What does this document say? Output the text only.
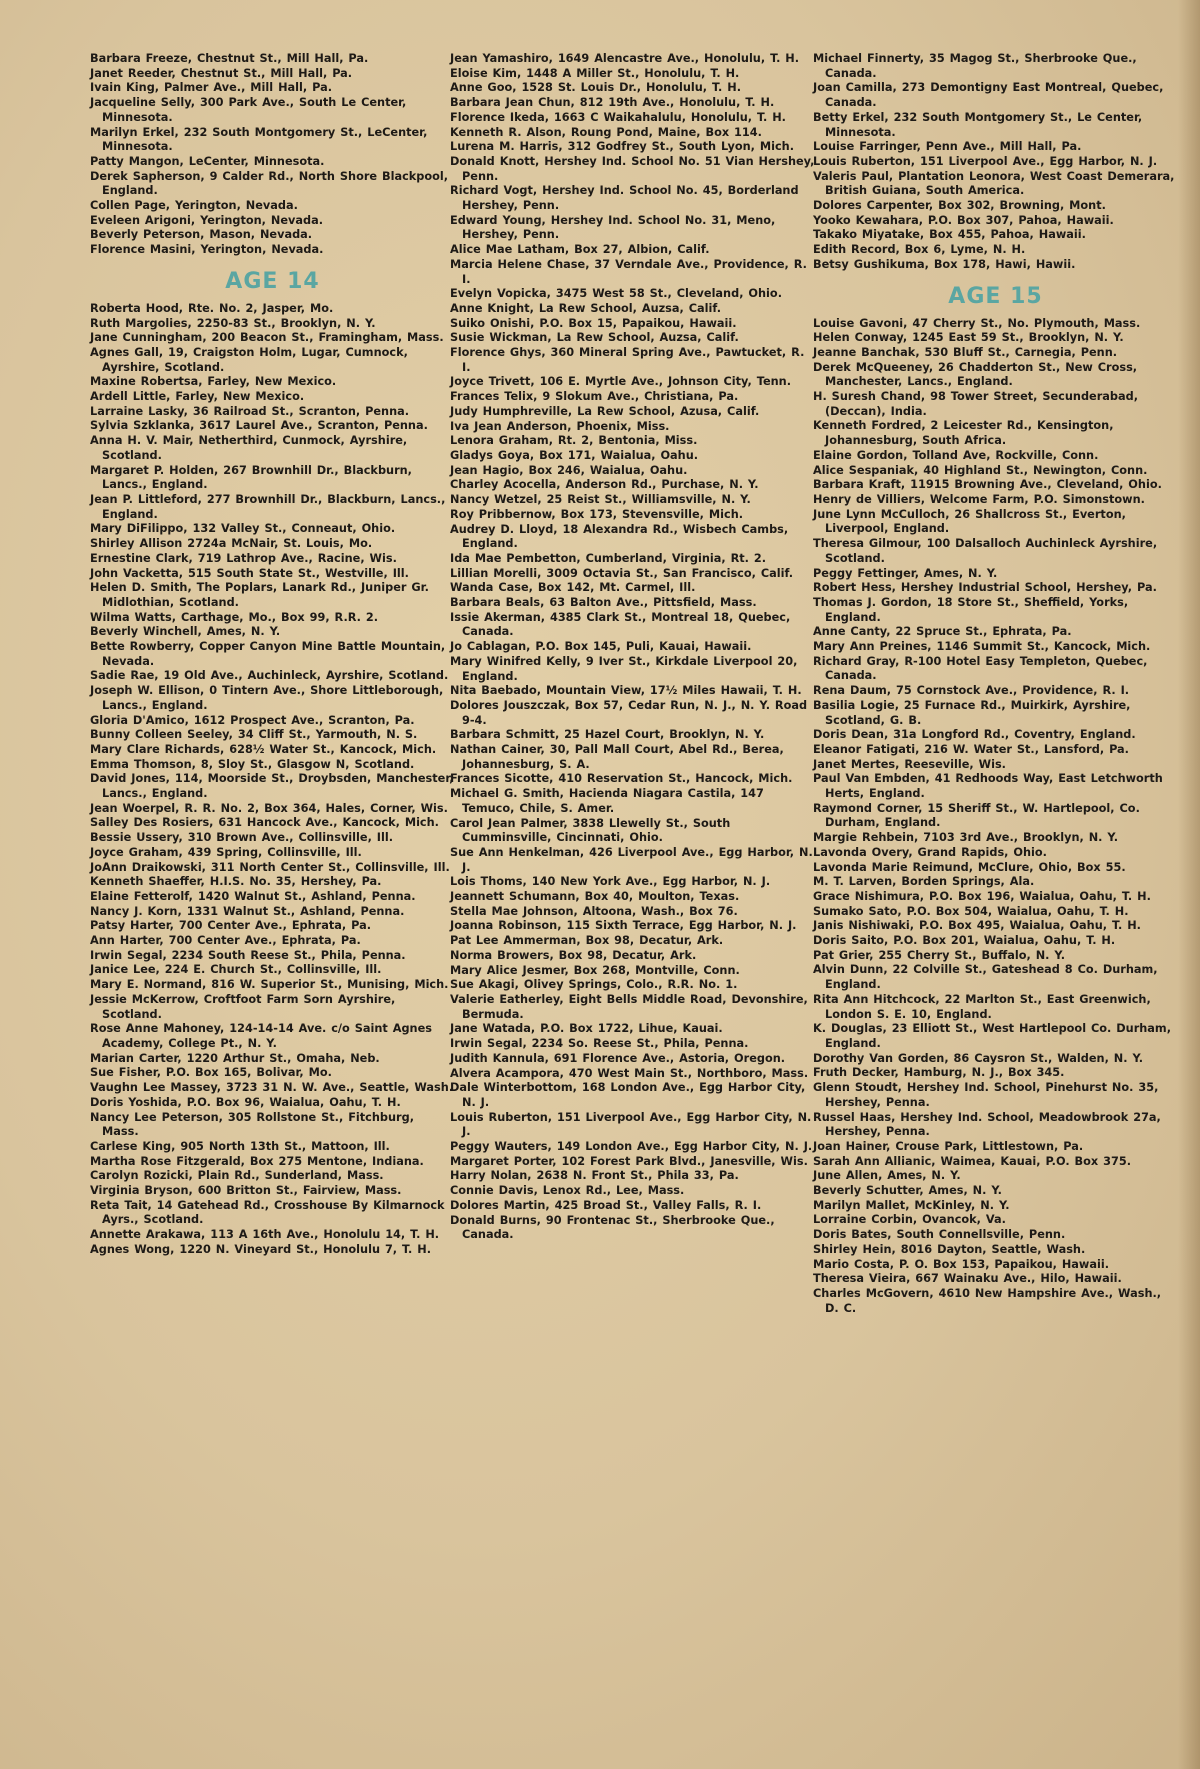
Barbara Freeze, Chestnut St., Mill Hall, Pa.
Janet Reeder, Chestnut St., Mill Hall, Pa.
Ivain King, Palmer Ave., Mill Hall, Pa.
Jacqueline Selly, 300 Park Ave., South Le Center, Minnesota.
Marilyn Erkel, 232 South Montgomery St., LeCenter, Minnesota.
Patty Mangon, LeCenter, Minnesota.
Derek Sapherson, 9 Calder Rd., North Shore Blackpool, England.
Collen Page, Yerington, Nevada.
Eveleen Arigoni, Yerington, Nevada.
Beverly Peterson, Mason, Nevada.
Florence Masini, Yerington, Nevada.
AGE 14
Roberta Hood, Rte. No. 2, Jasper, Mo.
Ruth Margolies, 2250-83 St., Brooklyn, N. Y.
Jane Cunningham, 200 Beacon St., Framingham, Mass.
Agnes Gall, 19, Craigston Holm, Lugar, Cumnock, Ayrshire, Scotland.
Maxine Robertsa, Farley, New Mexico.
Ardell Little, Farley, New Mexico.
Larraine Lasky, 36 Railroad St., Scranton, Penna.
Sylvia Szklanka, 3617 Laurel Ave., Scranton, Penna.
Anna H. V. Mair, Netherthird, Cunmock, Ayrshire, Scotland.
Margaret P. Holden, 267 Brownhill Dr., Blackburn, Lancs., England.
Jean P. Littleford, 277 Brownhill Dr., Blackburn, Lancs., England.
Mary DiFilippo, 132 Valley St., Conneaut, Ohio.
Shirley Allison 2724a McNair, St. Louis, Mo.
Ernestine Clark, 719 Lathrop Ave., Racine, Wis.
John Vacketta, 515 South State St., Westville, Ill.
Helen D. Smith, The Poplars, Lanark Rd., Juniper Gr. Midlothian, Scotland.
Wilma Watts, Carthage, Mo., Box 99, R.R. 2.
Beverly Winchell, Ames, N. Y.
Bette Rowberry, Copper Canyon Mine Battle Mountain, Nevada.
Sadie Rae, 19 Old Ave., Auchinleck, Ayrshire, Scotland.
Joseph W. Ellison, 0 Tintern Ave., Shore Littleborough, Lancs., England.
Gloria D'Amico, 1612 Prospect Ave., Scranton, Pa.
Bunny Colleen Seeley, 34 Cliff St., Yarmouth, N. S.
Mary Clare Richards, 628½ Water St., Kancock, Mich.
Emma Thomson, 8, Sloy St., Glasgow N, Scotland.
David Jones, 114, Moorside St., Droybsden, Manchester, Lancs., England.
Jean Woerpel, R. R. No. 2, Box 364, Hales, Corner, Wis.
Salley Des Rosiers, 631 Hancock Ave., Kancock, Mich.
Bessie Ussery, 310 Brown Ave., Collinsville, Ill.
Joyce Graham, 439 Spring, Collinsville, Ill.
JoAnn Draikowski, 311 North Center St., Collinsville, Ill.
Kenneth Shaeffer, H.I.S. No. 35, Hershey, Pa.
Elaine Fetterolf, 1420 Walnut St., Ashland, Penna.
Nancy J. Korn, 1331 Walnut St., Ashland, Penna.
Patsy Harter, 700 Center Ave., Ephrata, Pa.
Ann Harter, 700 Center Ave., Ephrata, Pa.
Irwin Segal, 2234 South Reese St., Phila, Penna.
Janice Lee, 224 E. Church St., Collinsville, Ill.
Mary E. Normand, 816 W. Superior St., Munising, Mich.
Jessie McKerrow, Croftfoot Farm Sorn Ayrshire, Scotland.
Rose Anne Mahoney, 124-14-14 Ave. c/o Saint Agnes Academy, College Pt., N. Y.
Marian Carter, 1220 Arthur St., Omaha, Neb.
Sue Fisher, P.O. Box 165, Bolivar, Mo.
Vaughn Lee Massey, 3723 31 N. W. Ave., Seattle, Wash.
Doris Yoshida, P.O. Box 96, Waialua, Oahu, T. H.
Nancy Lee Peterson, 305 Rollstone St., Fitchburg, Mass.
Carlese King, 905 North 13th St., Mattoon, Ill.
Martha Rose Fitzgerald, Box 275 Mentone, Indiana.
Carolyn Rozicki, Plain Rd., Sunderland, Mass.
Virginia Bryson, 600 Britton St., Fairview, Mass.
Reta Tait, 14 Gatehead Rd., Crosshouse By Kilmarnock Ayrs., Scotland.
Annette Arakawa, 113 A 16th Ave., Honolulu 14, T. H.
Agnes Wong, 1220 N. Vineyard St., Honolulu 7, T. H.
Jean Yamashiro, 1649 Alencastre Ave., Honolulu, T. H.
Eloise Kim, 1448 A Miller St., Honolulu, T. H.
Anne Goo, 1528 St. Louis Dr., Honolulu, T. H.
Barbara Jean Chun, 812 19th Ave., Honolulu, T. H.
Florence Ikeda, 1663 C Waikahalulu, Honolulu, T. H.
Kenneth R. Alson, Roung Pond, Maine, Box 114.
Lurena M. Harris, 312 Godfrey St., South Lyon, Mich.
Donald Knott, Hershey Ind. School No. 51 Vian Hershey, Penn.
Richard Vogt, Hershey Ind. School No. 45, Borderland Hershey, Penn.
Edward Young, Hershey Ind. School No. 31, Meno, Hershey, Penn.
Alice Mae Latham, Box 27, Albion, Calif.
Marcia Helene Chase, 37 Verndale Ave., Providence, R. I.
Evelyn Vopicka, 3475 West 58 St., Cleveland, Ohio.
Anne Knight, La Rew School, Auzsa, Calif.
Suiko Onishi, P.O. Box 15, Papaikou, Hawaii.
Susie Wickman, La Rew School, Auzsa, Calif.
Florence Ghys, 360 Mineral Spring Ave., Pawtucket, R. I.
Joyce Trivett, 106 E. Myrtle Ave., Johnson City, Tenn.
Frances Telix, 9 Slokum Ave., Christiana, Pa.
Judy Humphreville, La Rew School, Azusa, Calif.
Iva Jean Anderson, Phoenix, Miss.
Lenora Graham, Rt. 2, Bentonia, Miss.
Gladys Goya, Box 171, Waialua, Oahu.
Jean Hagio, Box 246, Waialua, Oahu.
Charley Acocella, Anderson Rd., Purchase, N. Y.
Nancy Wetzel, 25 Reist St., Williamsville, N. Y.
Roy Pribbernow, Box 173, Stevensville, Mich.
Audrey D. Lloyd, 18 Alexandra Rd., Wisbech Cambs, England.
Ida Mae Pembetton, Cumberland, Virginia, Rt. 2.
Lillian Morelli, 3009 Octavia St., San Francisco, Calif.
Wanda Case, Box 142, Mt. Carmel, Ill.
Barbara Beals, 63 Balton Ave., Pittsfield, Mass.
Issie Akerman, 4385 Clark St., Montreal 18, Quebec, Canada.
Jo Cablagan, P.O. Box 145, Puli, Kauai, Hawaii.
Mary Winifred Kelly, 9 Iver St., Kirkdale Liverpool 20, England.
Nita Baebado, Mountain View, 17½ Miles Hawaii, T. H.
Dolores Jouszczak, Box 57, Cedar Run, N. J., N. Y. Road 9-4.
Barbara Schmitt, 25 Hazel Court, Brooklyn, N. Y.
Nathan Cainer, 30, Pall Mall Court, Abel Rd., Berea, Johannesburg, S. A.
Frances Sicotte, 410 Reservation St., Hancock, Mich.
Michael G. Smith, Hacienda Niagara Castila, 147 Temuco, Chile, S. Amer.
Carol Jean Palmer, 3838 Llewelly St., South Cumminsville, Cincinnati, Ohio.
Sue Ann Henkelman, 426 Liverpool Ave., Egg Harbor, N. J.
Lois Thoms, 140 New York Ave., Egg Harbor, N. J.
Jeannett Schumann, Box 40, Moulton, Texas.
Stella Mae Johnson, Altoona, Wash., Box 76.
Joanna Robinson, 115 Sixth Terrace, Egg Harbor, N. J.
Pat Lee Ammerman, Box 98, Decatur, Ark.
Norma Browers, Box 98, Decatur, Ark.
Mary Alice Jesmer, Box 268, Montville, Conn.
Sue Akagi, Olivey Springs, Colo., R.R. No. 1.
Valerie Eatherley, Eight Bells Middle Road, Devonshire, Bermuda.
Jane Watada, P.O. Box 1722, Lihue, Kauai.
Irwin Segal, 2234 So. Reese St., Phila, Penna.
Judith Kannula, 691 Florence Ave., Astoria, Oregon.
Alvera Acampora, 470 West Main St., Northboro, Mass.
Dale Winterbottom, 168 London Ave., Egg Harbor City, N. J.
Louis Ruberton, 151 Liverpool Ave., Egg Harbor City, N. J.
Peggy Wauters, 149 London Ave., Egg Harbor City, N. J.
Margaret Porter, 102 Forest Park Blvd., Janesville, Wis.
Harry Nolan, 2638 N. Front St., Phila 33, Pa.
Connie Davis, Lenox Rd., Lee, Mass.
Dolores Martin, 425 Broad St., Valley Falls, R. I.
Donald Burns, 90 Frontenac St., Sherbrooke Que., Canada.
Michael Finnerty, 35 Magog St., Sherbrooke Que., Canada.
Joan Camilla, 273 Demontigny East Montreal, Quebec, Canada.
Betty Erkel, 232 South Montgomery St., Le Center, Minnesota.
Louise Farringer, Penn Ave., Mill Hall, Pa.
Louis Ruberton, 151 Liverpool Ave., Egg Harbor, N. J.
Valeris Paul, Plantation Leonora, West Coast Demerara, British Guiana, South America.
Dolores Carpenter, Box 302, Browning, Mont.
Yooko Kewahara, P.O. Box 307, Pahoa, Hawaii.
Takako Miyatake, Box 455, Pahoa, Hawaii.
Edith Record, Box 6, Lyme, N. H.
Betsy Gushikuma, Box 178, Hawi, Hawii.
AGE 15
Louise Gavoni, 47 Cherry St., No. Plymouth, Mass.
Helen Conway, 1245 East 59 St., Brooklyn, N. Y.
Jeanne Banchak, 530 Bluff St., Carnegia, Penn.
Derek McQueeney, 26 Chadderton St., New Cross, Manchester, Lancs., England.
H. Suresh Chand, 98 Tower Street, Secunderabad, (Deccan), India.
Kenneth Fordred, 2 Leicester Rd., Kensington, Johannesburg, South Africa.
Elaine Gordon, Tolland Ave, Rockville, Conn.
Alice Sespaniak, 40 Highland St., Newington, Conn.
Barbara Kraft, 11915 Browning Ave., Cleveland, Ohio.
Henry de Villiers, Welcome Farm, P.O. Simonstown.
June Lynn McCulloch, 26 Shallcross St., Everton, Liverpool, England.
Theresa Gilmour, 100 Dalsalloch Auchinleck Ayrshire, Scotland.
Peggy Fettinger, Ames, N. Y.
Robert Hess, Hershey Industrial School, Hershey, Pa.
Thomas J. Gordon, 18 Store St., Sheffield, Yorks, England.
Anne Canty, 22 Spruce St., Ephrata, Pa.
Mary Ann Preines, 1146 Summit St., Kancock, Mich.
Richard Gray, R-100 Hotel Easy Templeton, Quebec, Canada.
Rena Daum, 75 Cornstock Ave., Providence, R. I.
Basilia Logie, 25 Furnace Rd., Muirkirk, Ayrshire, Scotland, G. B.
Doris Dean, 31a Longford Rd., Coventry, England.
Eleanor Fatigati, 216 W. Water St., Lansford, Pa.
Janet Mertes, Reeseville, Wis.
Paul Van Embden, 41 Redhoods Way, East Letchworth Herts, England.
Raymond Corner, 15 Sheriff St., W. Hartlepool, Co. Durham, England.
Margie Rehbein, 7103 3rd Ave., Brooklyn, N. Y.
Lavonda Overy, Grand Rapids, Ohio.
Lavonda Marie Reimund, McClure, Ohio, Box 55.
M. T. Larven, Borden Springs, Ala.
Grace Nishimura, P.O. Box 196, Waialua, Oahu, T. H.
Sumako Sato, P.O. Box 504, Waialua, Oahu, T. H.
Janis Nishiwaki, P.O. Box 495, Waialua, Oahu, T. H.
Doris Saito, P.O. Box 201, Waialua, Oahu, T. H.
Pat Grier, 255 Cherry St., Buffalo, N. Y.
Alvin Dunn, 22 Colville St., Gateshead 8 Co. Durham, England.
Rita Ann Hitchcock, 22 Marlton St., East Greenwich, London S. E. 10, England.
K. Douglas, 23 Elliott St., West Hartlepool Co. Durham, England.
Dorothy Van Gorden, 86 Caysron St., Walden, N. Y.
Fruth Decker, Hamburg, N. J., Box 345.
Glenn Stoudt, Hershey Ind. School, Pinehurst No. 35, Hershey, Penna.
Russel Haas, Hershey Ind. School, Meadowbrook 27a, Hershey, Penna.
Joan Hainer, Crouse Park, Littlestown, Pa.
Sarah Ann Allianic, Waimea, Kauai, P.O. Box 375.
June Allen, Ames, N. Y.
Beverly Schutter, Ames, N. Y.
Marilyn Mallet, McKinley, N. Y.
Lorraine Corbin, Ovancok, Va.
Doris Bates, South Connellsville, Penn.
Shirley Hein, 8016 Dayton, Seattle, Wash.
Mario Costa, P. O. Box 153, Papaikou, Hawaii.
Theresa Vieira, 667 Wainaku Ave., Hilo, Hawaii.
Charles McGovern, 4610 New Hampshire Ave., Wash., D. C.
